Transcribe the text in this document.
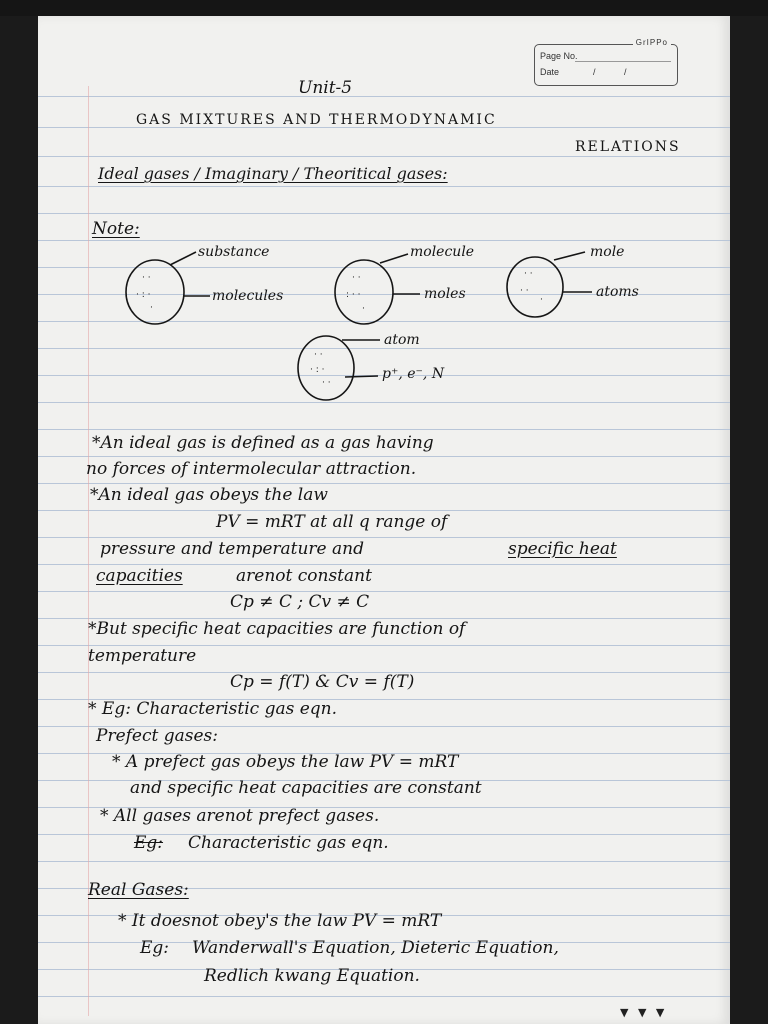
GrIPPo
Page No.
Date	/ /
Unit-5
GAS MIXTURES AND THERMODYNAMIC
RELATIONS
Ideal gases / Imaginary / Theoritical gases:
Note:
· ·
· : ·
·
· ·
: · ·
·
· ·
· ·
·
· ·
· : ·
· ·
substance
molecules
molecule
moles
mole
atoms
atom
p⁺, e⁻, N
*An ideal gas is defined as a gas having
no forces of intermolecular attraction.
*An ideal gas obeys the law
PV = mRT at all q range of
pressure and temperature and	specific heat
capacities	arenot constant
Cp ≠ C ; Cv ≠ C
*But specific heat capacities are function of
temperature
Cp = f(T) & Cv = f(T)
* Eg: Characteristic gas eqn.
Prefect gases:
* A prefect gas obeys the law PV = mRT
and specific heat capacities are constant
* All gases arenot prefect gases.
Eg: Characteristic gas eqn.
Real Gases:
* It doesnot obey's the law PV = mRT
Eg: Wanderwall's Equation, Dieteric Equation,
Redlich kwang Equation.
▼ ▼ ▼
